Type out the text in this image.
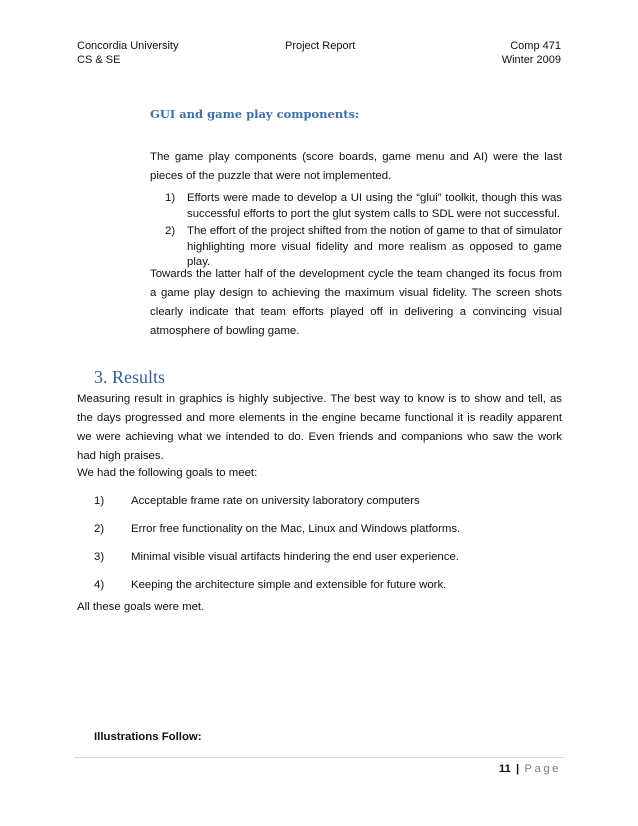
Concordia University
CS & SE
Project Report	Comp 471
Winter 2009
GUI and game play components:

The game play components (score boards, game menu and AI) were the last pieces of the puzzle that were not implemented.

1) Efforts were made to develop a UI using the “glui” toolkit, though this was successful efforts to port the glut system calls to SDL were not successful.
2) The effort of the project shifted from the notion of game to that of simulator highlighting more visual fidelity and more realism as opposed to game play.

Towards the latter half of the development cycle the team changed its focus from a game play design to achieving the maximum visual fidelity. The screen shots clearly indicate that team efforts played off in delivering a convincing visual atmosphere of bowling game.

3. Results

Measuring result in graphics is highly subjective. The best way to know is to show and tell, as the days progressed and more elements in the engine became functional it is readily apparent we were achieving what we intended to do. Even friends and companions who saw the work had high praises.

We had the following goals to meet:

1) Acceptable frame rate on university laboratory computers
2) Error free functionality on the Mac, Linux and Windows platforms.
3) Minimal visible visual artifacts hindering the end user experience.
4) Keeping the architecture simple and extensible for future work.

All these goals were met.

Illustrations Follow:
11 | Page
